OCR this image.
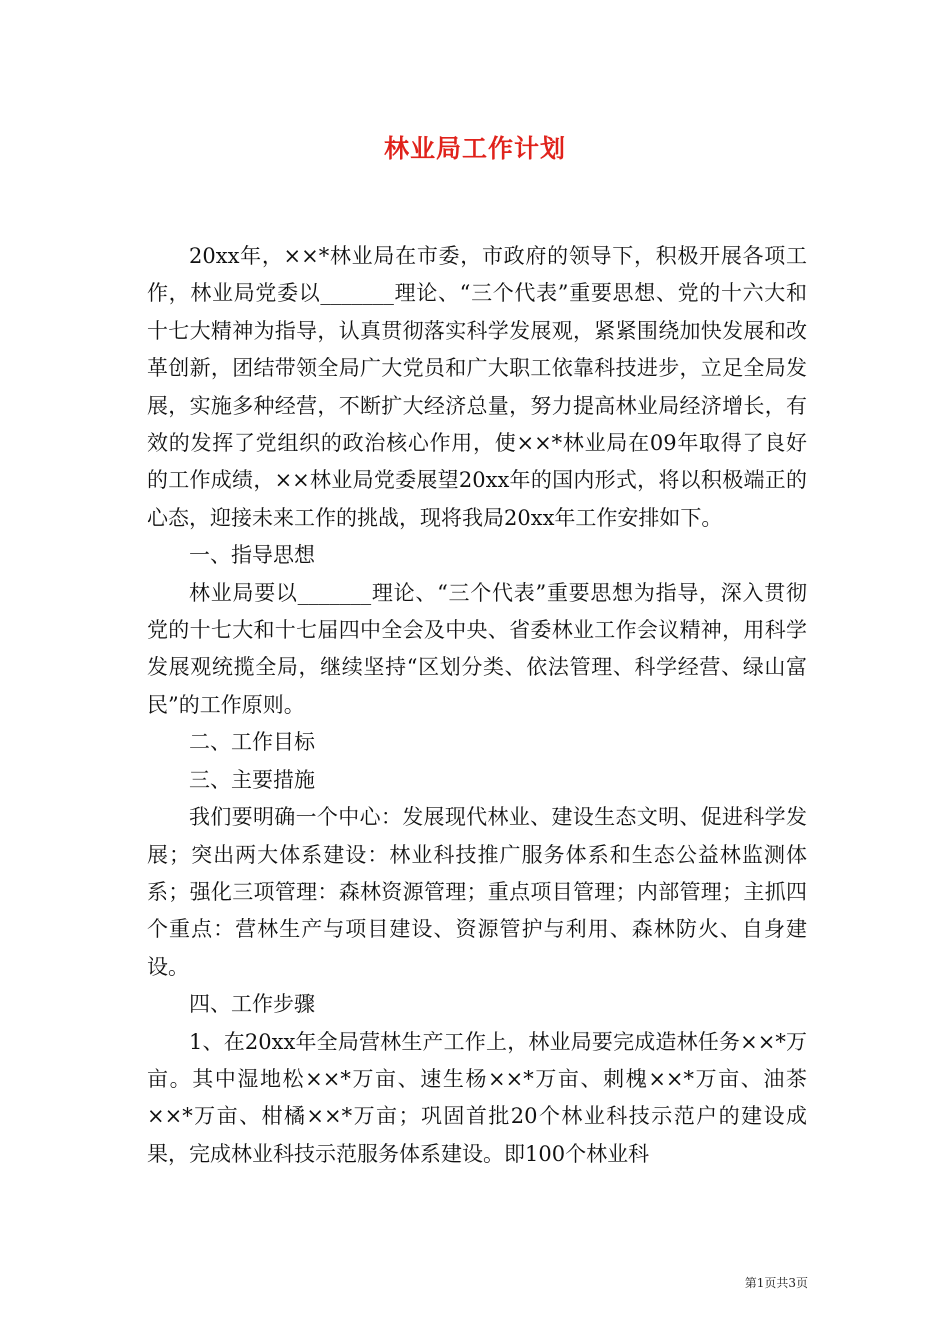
林业局工作计划

20xx年，××*林业局在市委，市政府的领导下，积极开展各项工作，林业局党委以_______理论、“三个代表”重要思想、党的十六大和十七大精神为指导，认真贯彻落实科学发展观，紧紧围绕加快发展和改革创新，团结带领全局广大党员和广大职工依靠科技进步，立足全局发展，实施多种经营，不断扩大经济总量，努力提高林业局经济增长，有效的发挥了党组织的政治核心作用，使××*林业局在09年取得了良好的工作成绩，××林业局党委展望20xx年的国内形式，将以积极端正的心态，迎接未来工作的挑战，现将我局20xx年工作安排如下。

一、指导思想

林业局要以_______理论、“三个代表”重要思想为指导，深入贯彻党的十七大和十七届四中全会及中央、省委林业工作会议精神，用科学发展观统揽全局，继续坚持“区划分类、依法管理、科学经营、绿山富民”的工作原则。

二、工作目标

三、主要措施

我们要明确一个中心：发展现代林业、建设生态文明、促进科学发展；突出两大体系建设：林业科技推广服务体系和生态公益林监测体系；强化三项管理：森林资源管理；重点项目管理；内部管理；主抓四个重点：营林生产与项目建设、资源管护与利用、森林防火、自身建设。

四、工作步骤

1、在20xx年全局营林生产工作上，林业局要完成造林任务××*万亩。其中湿地松××*万亩、速生杨××*万亩、刺槐××*万亩、油茶××*万亩、柑橘××*万亩；巩固首批20个林业科技示范户的建设成果，完成林业科技示范服务体系建设。即100个林业科

第1页共3页
